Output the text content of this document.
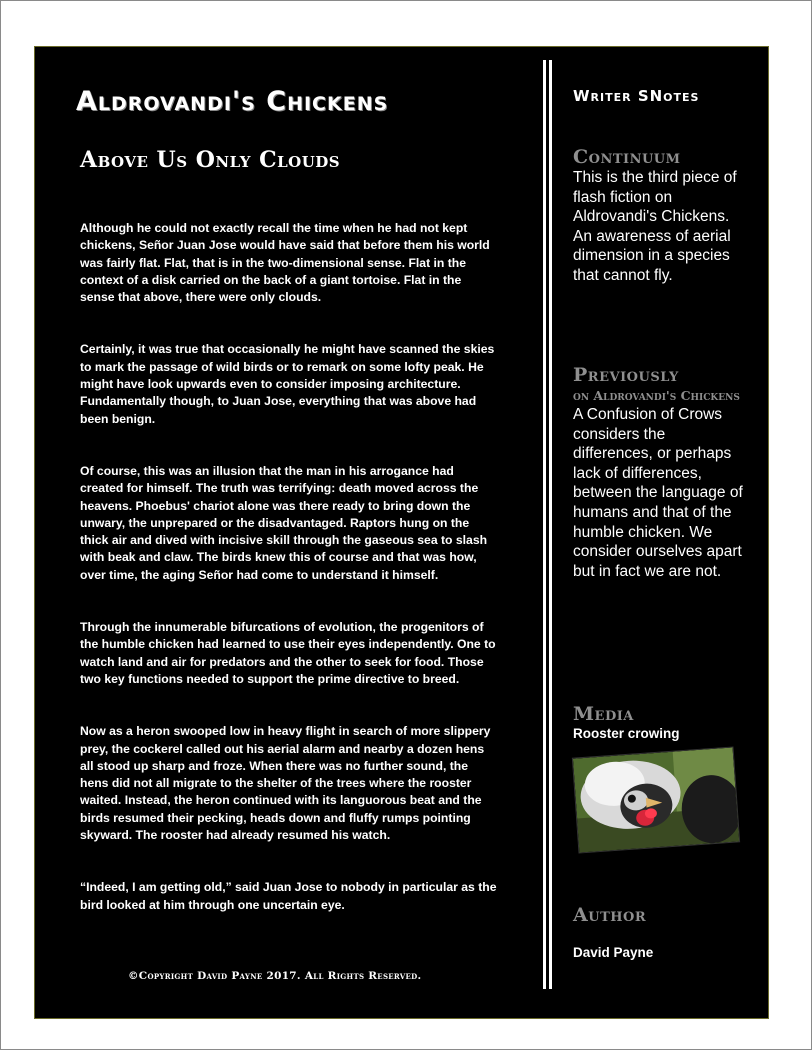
Aldrovandi's Chickens
Above Us Only Clouds

Although he could not exactly recall the time when he had not kept chickens, Señor Juan Jose would have said that before them his world was fairly flat. Flat, that is in the two-dimensional sense. Flat in the context of a disk carried on the back of a giant tortoise. Flat in the sense that above, there were only clouds.

Certainly, it was true that occasionally he might have scanned the skies to mark the passage of wild birds or to remark on some lofty peak. He might have look upwards even to consider imposing architecture. Fundamentally though, to Juan Jose, everything that was above had been benign.

Of course, this was an illusion that the man in his arrogance had created for himself. The truth was terrifying: death moved across the heavens. Phoebus' chariot alone was there ready to bring down the unwary, the unprepared or the disadvantaged. Raptors hung on the thick air and dived with incisive skill through the gaseous sea to slash with beak and claw. The birds knew this of course and that was how, over time, the aging Señor had come to understand it himself.

Through the innumerable bifurcations of evolution, the progenitors of the humble chicken had learned to use their eyes independently. One to watch land and air for predators and the other to seek for food. Those two key functions needed to support the prime directive to breed.

Now as a heron swooped low in heavy flight in search of more slippery prey, the cockerel called out his aerial alarm and nearby a dozen hens all stood up sharp and froze. When there was no further sound, the hens did not all migrate to the shelter of the trees where the rooster waited. Instead, the heron continued with its languorous beat and the birds resumed their pecking, heads down and fluffy rumps pointing skyward. The rooster had already resumed his watch.

“Indeed, I am getting old,” said Juan Jose to nobody in particular as the bird looked at him through one uncertain eye.

©Copyright David Payne 2017. All Rights Reserved.

Writer SNotes
Continuum

This is the third piece of flash fiction on Aldrovandi's Chickens. An awareness of aerial dimension in a species that cannot fly.

Previously
on Aldrovandi's Chickens

A Confusion of Crows considers the differences, or perhaps lack of differences, between the language of humans and that of the humble chicken. We consider ourselves apart but in fact we are not.

Media

Rooster crowing

Author

David Payne
